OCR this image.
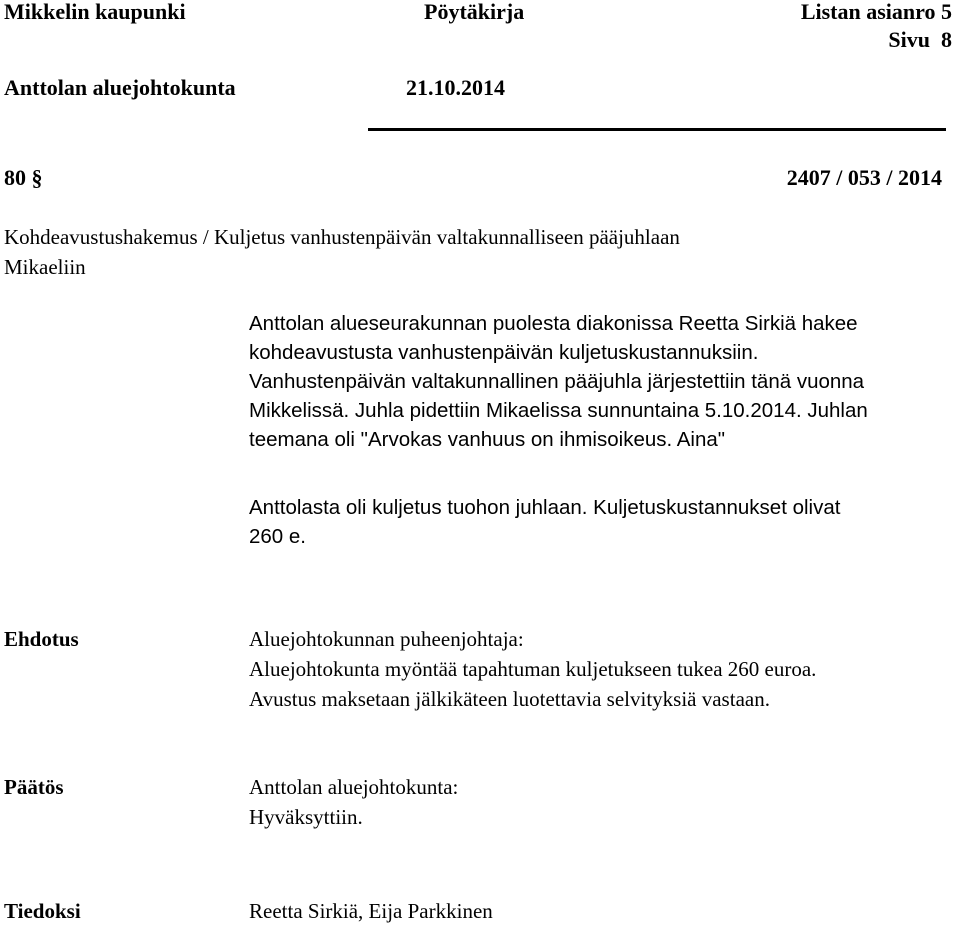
Mikkelin kaupunki	Pöytäkirja	Listan asianro 5
Sivu  8
Anttolan aluejohtokunta	21.10.2014
80 §	2407 / 053 / 2014
Kohdeavustushakemus / Kuljetus vanhustenpäivän valtakunnalliseen pääjuhlaan
Mikaeliin

Anttolan alueseurakunnan puolesta diakonissa Reetta Sirkiä hakee

kohdeavustusta vanhustenpäivän kuljetuskustannuksiin.

Vanhustenpäivän valtakunnallinen pääjuhla järjestettiin tänä vuonna

Mikkelissä. Juhla pidettiin Mikaelissa sunnuntaina 5.10.2014. Juhlan

teemana oli "Arvokas vanhuus on ihmisoikeus. Aina"

Anttolasta oli kuljetus tuohon juhlaan. Kuljetuskustannukset olivat

260 e.

Ehdotus	Aluejohtokunnan puheenjohtaja:

Aluejohtokunta myöntää tapahtuman kuljetukseen tukea 260 euroa.

Avustus maksetaan jälkikäteen luotettavia selvityksiä vastaan.

Päätös	Anttolan aluejohtokunta:

Hyväksyttiin.

Tiedoksi	Reetta Sirkiä, Eija Parkkinen
